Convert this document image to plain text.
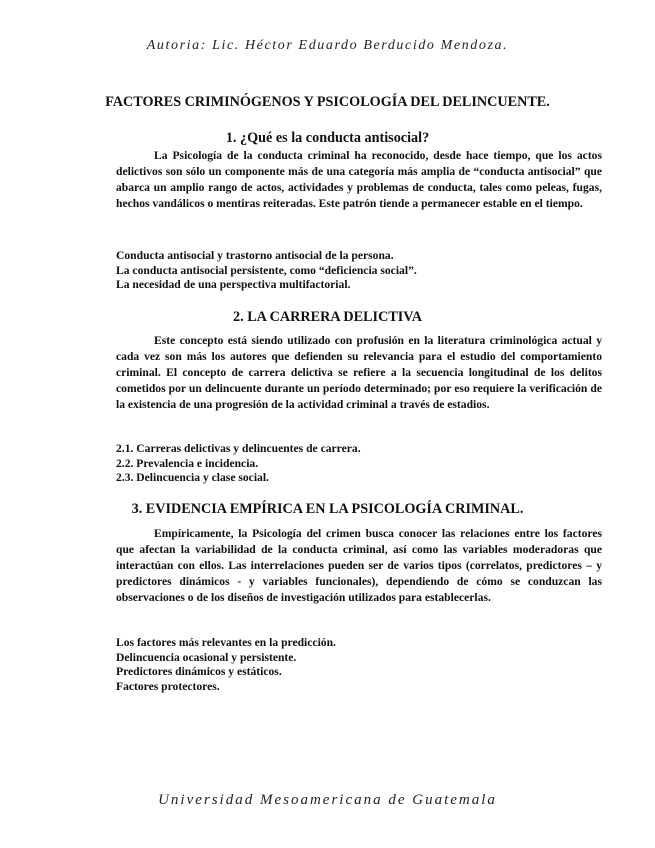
Autoria: Lic. Héctor Eduardo Berducido Mendoza.
FACTORES CRIMINÓGENOS Y PSICOLOGÍA DEL DELINCUENTE.
1. ¿Qué es la conducta antisocial?

La Psicología de la conducta criminal ha reconocido, desde hace tiempo, que los actos delictivos son sólo un componente más de una categoría más amplia de “conducta antisocial” que abarca un amplio rango de actos, actividades y problemas de conducta, tales como peleas, fugas, hechos vandálicos o mentiras reiteradas. Este patrón tiende a permanecer estable en el tiempo.

Conducta antisocial y trastorno antisocial de la persona.
La conducta antisocial persistente, como “deficiencia social”.
La necesidad de una perspectiva multifactorial.
2. LA CARRERA DELICTIVA

Este concepto está siendo utilizado con profusión en la literatura criminológica actual y cada vez son más los autores que defienden su relevancia para el estudio del comportamiento criminal. El concepto de carrera delictiva se refiere a la secuencia longitudinal de los delitos cometidos por un delincuente durante un período determinado; por eso requiere la verificación de la existencia de una progresión de la actividad criminal a través de estadios.

2.1. Carreras delictivas y delincuentes de carrera.
2.2. Prevalencia e incidencia.
2.3. Delincuencia y clase social.
3. EVIDENCIA EMPÍRICA EN LA PSICOLOGÍA CRIMINAL.

Empíricamente, la Psicología del crimen busca conocer las relaciones entre los factores que afectan la variabilidad de la conducta criminal, así como las variables moderadoras que interactúan con ellos. Las interrelaciones pueden ser de varios tipos (correlatos, predictores – y predictores dinámicos - y variables funcionales), dependiendo de cómo se conduzcan las observaciones o de los diseños de investigación utilizados para establecerlas.

Los factores más relevantes en la predicción.
Delincuencia ocasional y persistente.
Predictores dinámicos y estáticos.
Factores protectores.
Universidad Mesoamericana de Guatemala
